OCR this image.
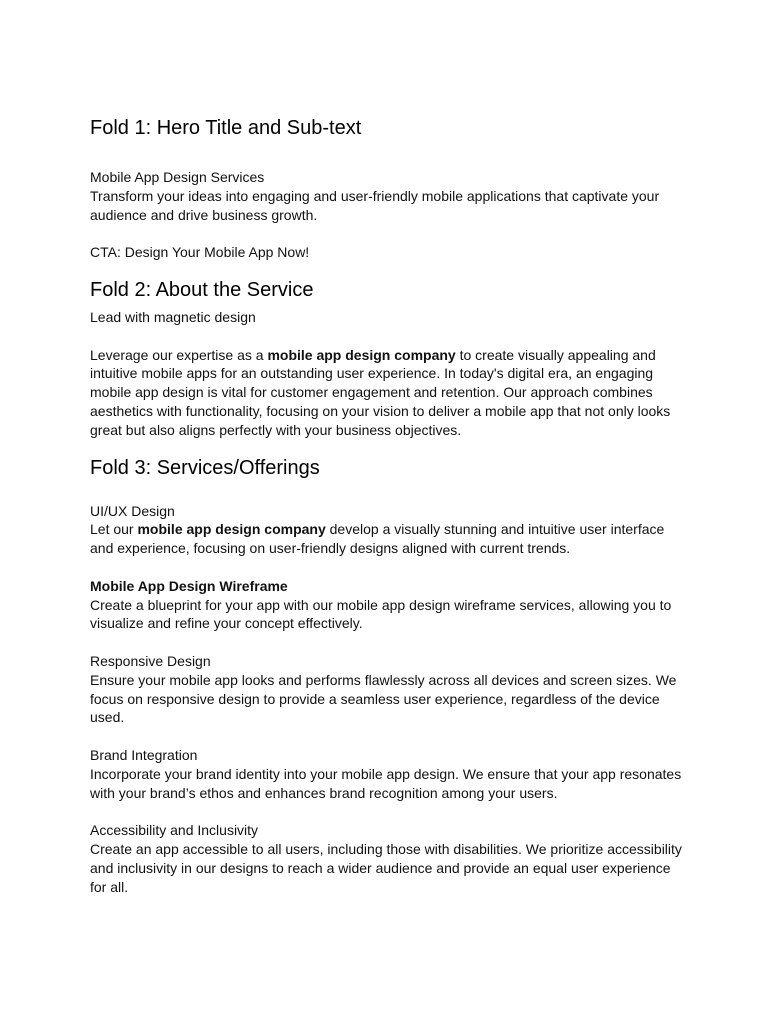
Fold 1: Hero Title and Sub-text

Mobile App Design Services

Transform your ideas into engaging and user-friendly mobile applications that captivate your audience and drive business growth.

CTA: Design Your Mobile App Now!

Fold 2: About the Service

Lead with magnetic design

Leverage our expertise as a mobile app design company to create visually appealing and intuitive mobile apps for an outstanding user experience. In today's digital era, an engaging mobile app design is vital for customer engagement and retention. Our approach combines aesthetics with functionality, focusing on your vision to deliver a mobile app that not only looks great but also aligns perfectly with your business objectives.

Fold 3: Services/Offerings

UI/UX Design

Let our mobile app design company develop a visually stunning and intuitive user interface and experience, focusing on user-friendly designs aligned with current trends.

Mobile App Design Wireframe

Create a blueprint for your app with our mobile app design wireframe services, allowing you to visualize and refine your concept effectively.

Responsive Design

Ensure your mobile app looks and performs flawlessly across all devices and screen sizes. We focus on responsive design to provide a seamless user experience, regardless of the device used.

Brand Integration

Incorporate your brand identity into your mobile app design. We ensure that your app resonates with your brand’s ethos and enhances brand recognition among your users.

Accessibility and Inclusivity

Create an app accessible to all users, including those with disabilities. We prioritize accessibility and inclusivity in our designs to reach a wider audience and provide an equal user experience for all.
